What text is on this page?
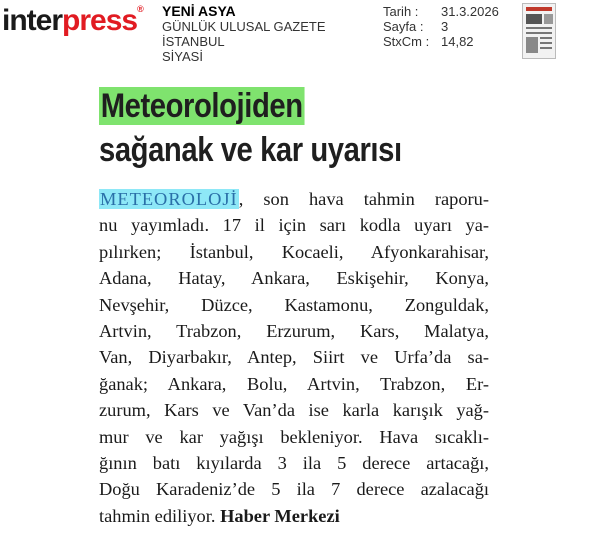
interpress® YENİ ASYA
GÜNLÜK ULUSAL GAZETE
İSTANBUL
SİYASİ
Tarih :	31.3.2026
Sayfa :	3
StxCm : 14,82
Meteorolojiden
sağanak ve kar uyarısı
METEOROLOJİ, son hava tahmin raporu-
nu yayımladı. 17 il için sarı kodla uyarı ya-
pılırken; İstanbul, Kocaeli, Afyonkarahisar,
Adana, Hatay, Ankara, Eskişehir, Konya,
Nevşehir, Düzce, Kastamonu, Zonguldak,
Artvin, Trabzon, Erzurum, Kars, Malatya,
Van, Diyarbakır, Antep, Siirt ve Urfa’da sa-
ğanak; Ankara, Bolu, Artvin, Trabzon, Er-
zurum, Kars ve Van’da ise karla karışık yağ-
mur ve kar yağışı bekleniyor. Hava sıcaklı-
ğının batı kıyılarda 3 ila 5 derece artacağı,
Doğu Karadeniz’de 5 ila 7 derece azalacağı
tahmin ediliyor. Haber Merkezi
